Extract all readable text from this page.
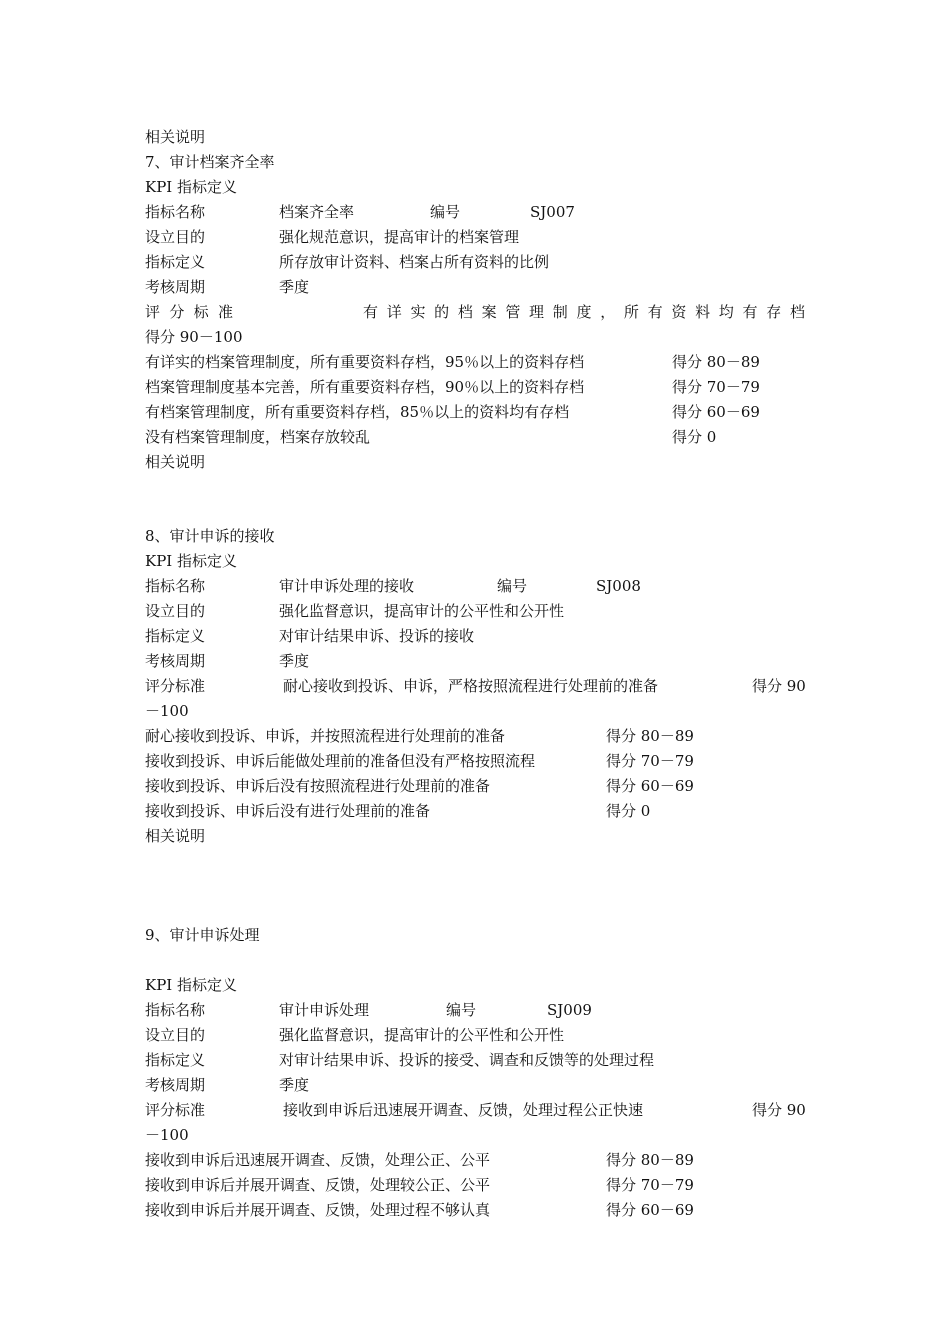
相关说明
7、审计档案齐全率
KPI 指标定义
指标名称	档案齐全率	编号	SJ007
设立目的	强化规范意识，提高审计的档案管理
指标定义	所存放审计资料、档案占所有资料的比例
考核周期	季度
评 分 标 准	有 详 实 的 档 案 管 理 制 度 ， 所 有 资 料 均 有 存 档
得分 90－100
有详实的档案管理制度，所有重要资料存档，95％以上的资料存档	得分 80－89
档案管理制度基本完善，所有重要资料存档，90％以上的资料存档	得分 70－79
有档案管理制度，所有重要资料存档，85％以上的资料均有存档	得分 60－69
没有档案管理制度，档案存放较乱	得分 0
相关说明
8、审计申诉的接收
KPI 指标定义
指标名称	审计申诉处理的接收	编号	SJ008
设立目的	强化监督意识，提高审计的公平性和公开性
指标定义	对审计结果申诉、投诉的接收
考核周期	季度
评分标准	耐心接收到投诉、申诉，严格按照流程进行处理前的准备	得分 90
－100
耐心接收到投诉、申诉，并按照流程进行处理前的准备	得分 80－89
接收到投诉、申诉后能做处理前的准备但没有严格按照流程	得分 70－79
接收到投诉、申诉后没有按照流程进行处理前的准备	得分 60－69
接收到投诉、申诉后没有进行处理前的准备	得分 0
相关说明
9、审计申诉处理
KPI 指标定义
指标名称	审计申诉处理	编号	SJ009
设立目的	强化监督意识，提高审计的公平性和公开性
指标定义	对审计结果申诉、投诉的接受、调查和反馈等的处理过程
考核周期	季度
评分标准	接收到申诉后迅速展开调查、反馈，处理过程公正快速	得分 90
－100
接收到申诉后迅速展开调查、反馈，处理公正、公平	得分 80－89
接收到申诉后并展开调查、反馈，处理较公正、公平	得分 70－79
接收到申诉后并展开调查、反馈，处理过程不够认真	得分 60－69
